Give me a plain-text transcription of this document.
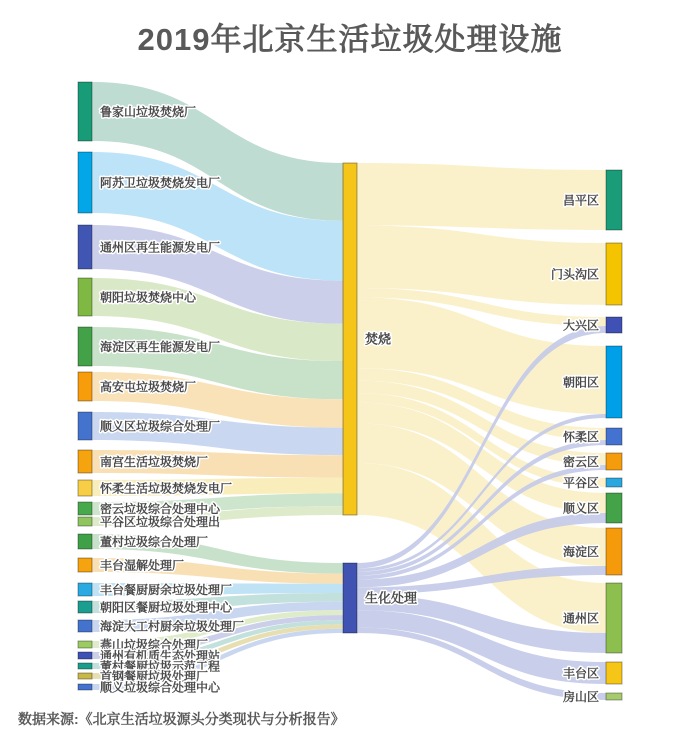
鲁家山垃圾焚烧厂
阿苏卫垃圾焚烧发电厂
通州区再生能源发电厂
朝阳垃圾焚烧中心
海淀区再生能源发电厂
高安屯垃圾焚烧厂
顺义区垃圾综合处理厂
南宫生活垃圾焚烧厂
怀柔生活垃圾焚烧发电厂
密云垃圾综合处理中心
平谷区垃圾综合处理出
董村垃圾综合处理厂
丰台湿解处理厂
丰台餐厨厨余垃圾处理厂
朝阳区餐厨垃圾处理中心
海淀大工村厨余垃圾处理厂
燕山垃圾综合处理厂
通州有机质生态处理站
董村餐厨垃圾示范工程
首钢餐厨垃圾处理厂
顺义垃圾综合处理中心
焚烧
生化处理
昌平区
门头沟区
大兴区
朝阳区
怀柔区
密云区
平谷区
顺义区
海淀区
通州区
丰台区
房山区
2019年北京生活垃圾处理设施
数据来源:《北京生活垃圾源头分类现状与分析报告》
